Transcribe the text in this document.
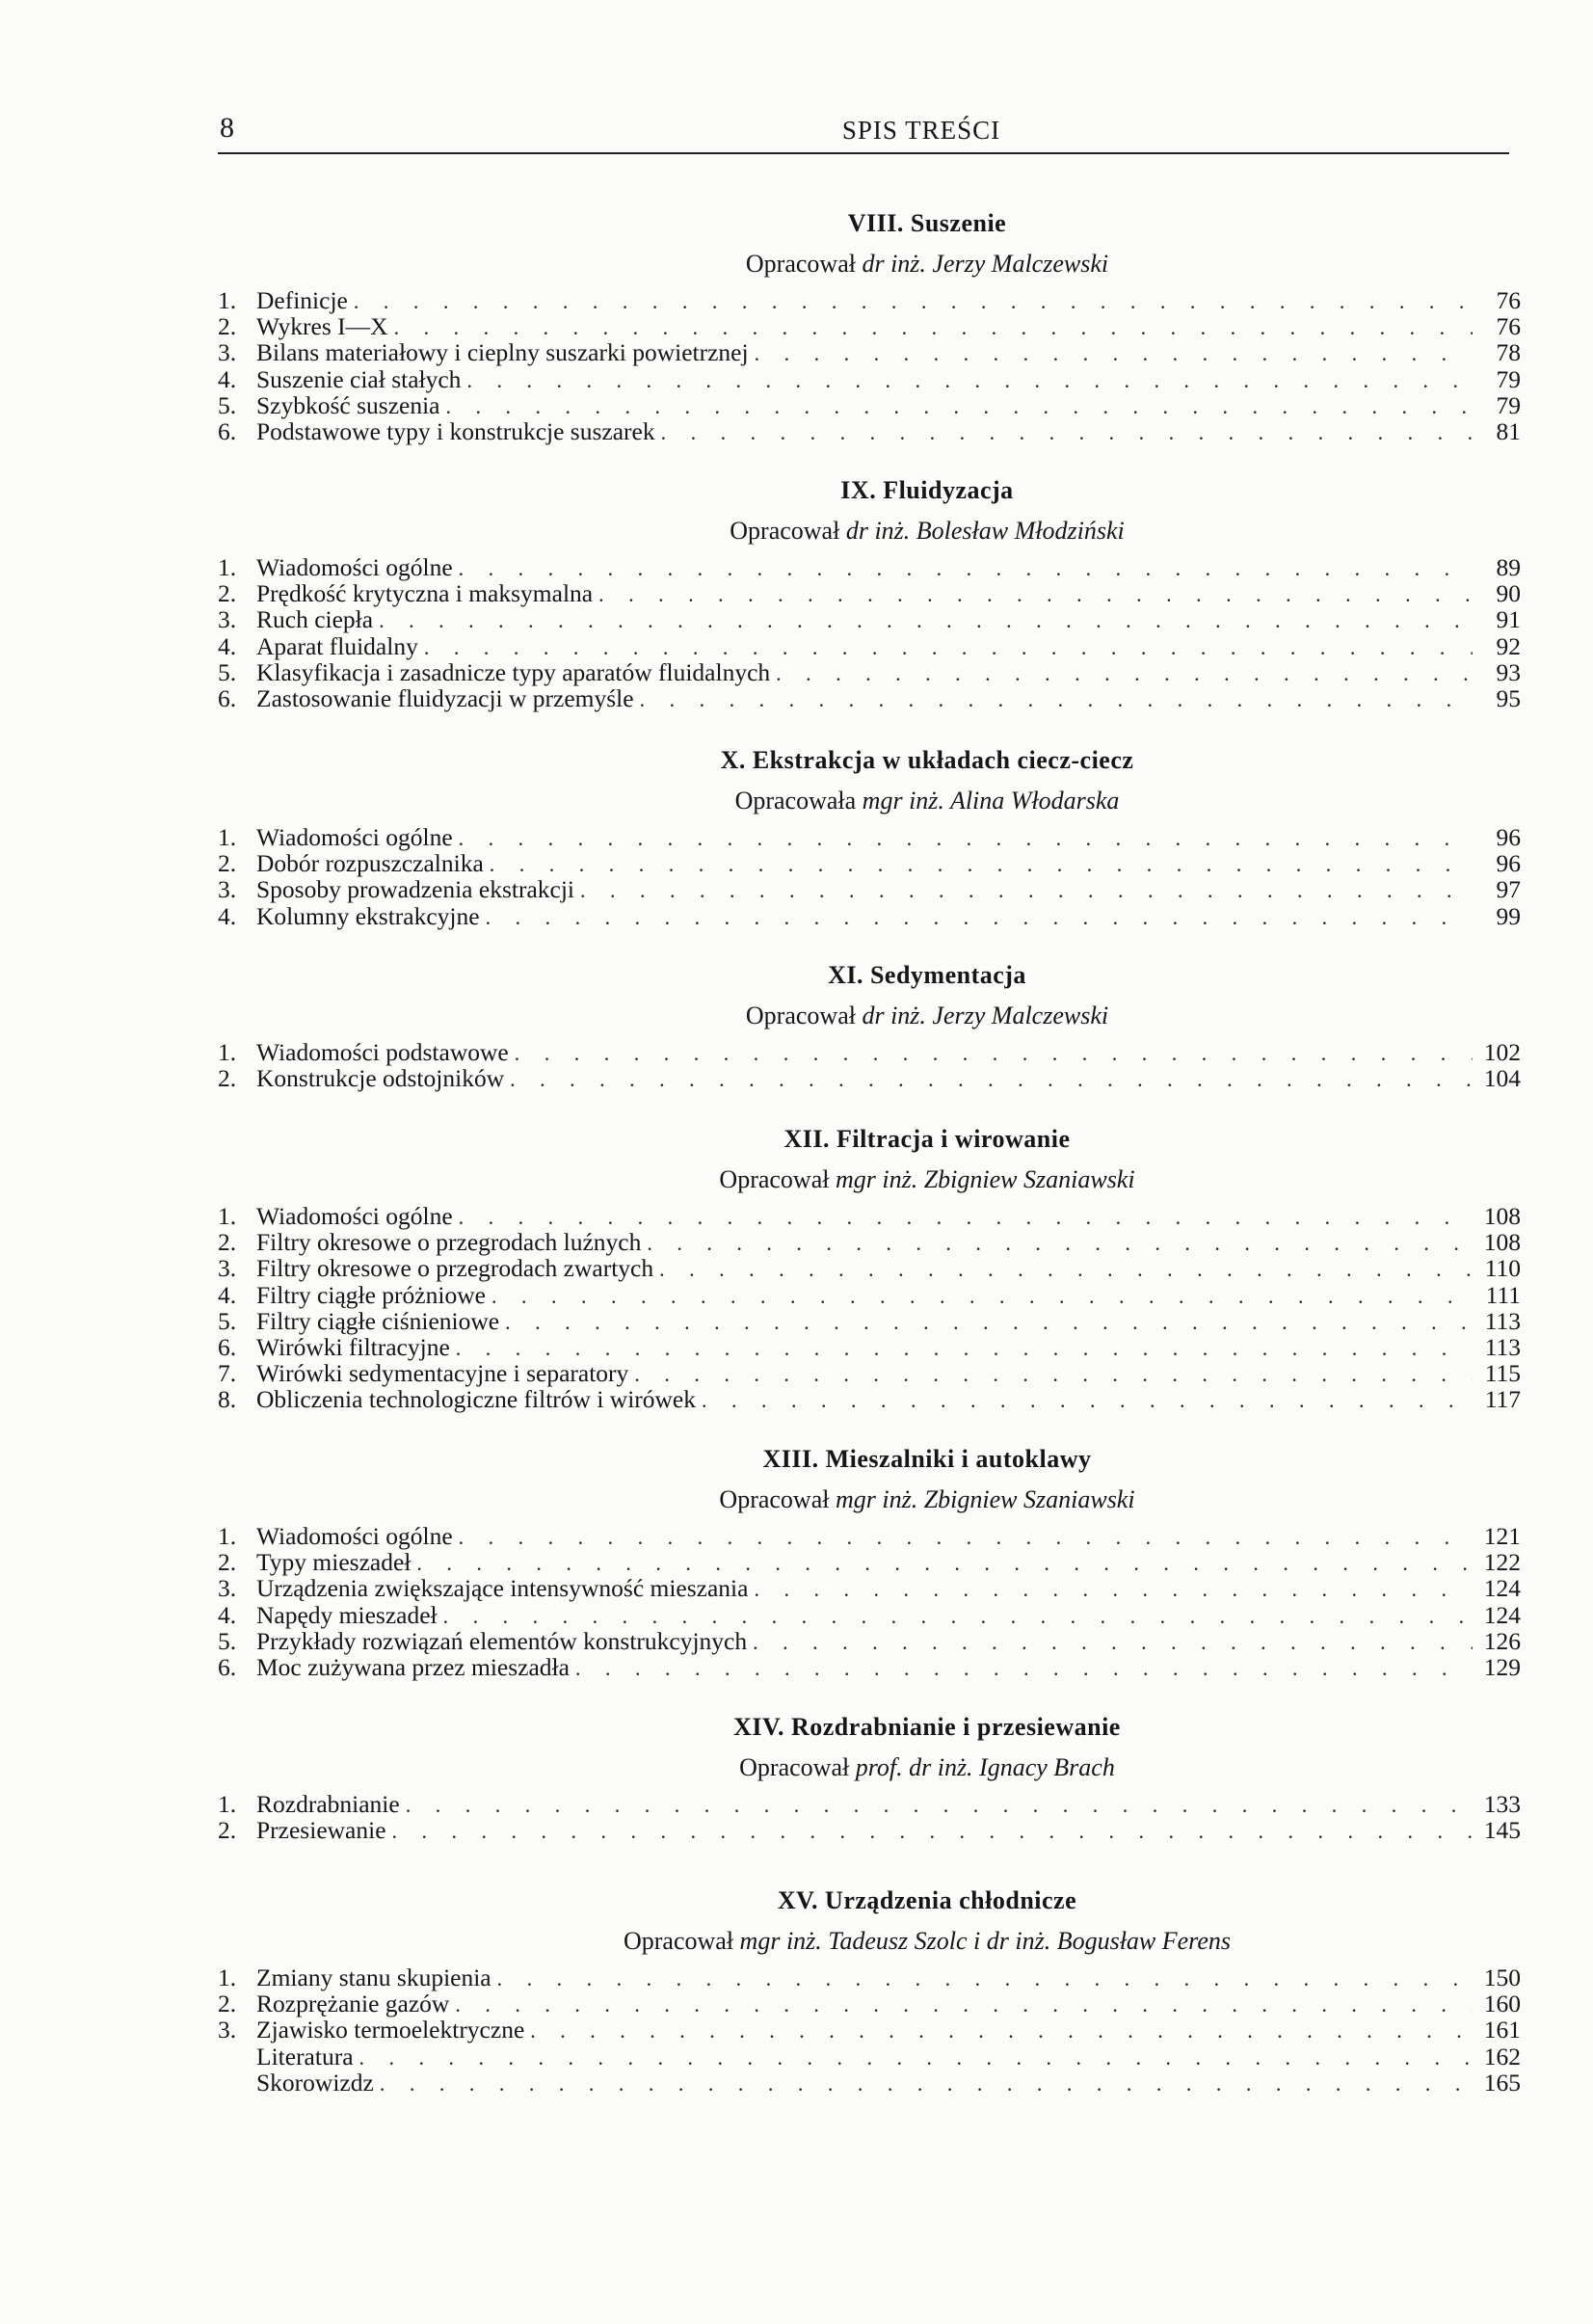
8	SPIS TREŚCI
VIII. Suszenie
Opracował dr inż. Jerzy Malczewski
1. Definicje . . .	76
2. Wykres I—X . . .	76
3. Bilans materiałowy i cieplny suszarki powietrznej . . .	78
4. Suszenie ciał stałych . . .	79
5. Szybkość suszenia . . .	79
6. Podstawowe typy i konstrukcje suszarek . . .	81
IX. Fluidyzacja
Opracował dr inż. Bolesław Młodziński
1. Wiadomości ogólne . . .	89
2. Prędkość krytyczna i maksymalna . . .	90
3. Ruch ciepła . . .	91
4. Aparat fluidalny . . .	92
5. Klasyfikacja i zasadnicze typy aparatów fluidalnych . . .	93
6. Zastosowanie fluidyzacji w przemyśle . . .	95
X. Ekstrakcja w układach ciecz-ciecz
Opracowała mgr inż. Alina Włodarska
1. Wiadomości ogólne . . .	96
2. Dobór rozpuszczalnika . . .	96
3. Sposoby prowadzenia ekstrakcji . . .	97
4. Kolumny ekstrakcyjne . . .	99
XI. Sedymentacja
Opracował dr inż. Jerzy Malczewski
1. Wiadomości podstawowe . . .	102
2. Konstrukcje odstojników . . .	104
XII. Filtracja i wirowanie
Opracował mgr inż. Zbigniew Szaniawski
1. Wiadomości ogólne . . .	108
2. Filtry okresowe o przegrodach luźnych . . .	108
3. Filtry okresowe o przegrodach zwartych . . .	110
4. Filtry ciągłe próżniowe . . .	111
5. Filtry ciągłe ciśnieniowe . . .	113
6. Wirówki filtracyjne . . .	113
7. Wirówki sedymentacyjne i separatory . . .	115
8. Obliczenia technologiczne filtrów i wirówek . . .	117
XIII. Mieszalniki i autoklawy
Opracował mgr inż. Zbigniew Szaniawski
1. Wiadomości ogólne . . .	121
2. Typy mieszadeł . . .	122
3. Urządzenia zwiększające intensywność mieszania . . .	124
4. Napędy mieszadeł . . .	124
5. Przykłady rozwiązań elementów konstrukcyjnych . . .	126
6. Moc zużywana przez mieszadła . . .	129
XIV. Rozdrabnianie i przesiewanie
Opracował prof. dr inż. Ignacy Brach
1. Rozdrabnianie . . .	133
2. Przesiewanie . . .	145
XV. Urządzenia chłodnicze
Opracował mgr inż. Tadeusz Szolc i dr inż. Bogusław Ferens
1. Zmiany stanu skupienia . . .	150
2. Rozprężanie gazów . . .	160
3. Zjawisko termoelektryczne . . .	161
Literatura . . .	162
Skorowizdz . . .	165
